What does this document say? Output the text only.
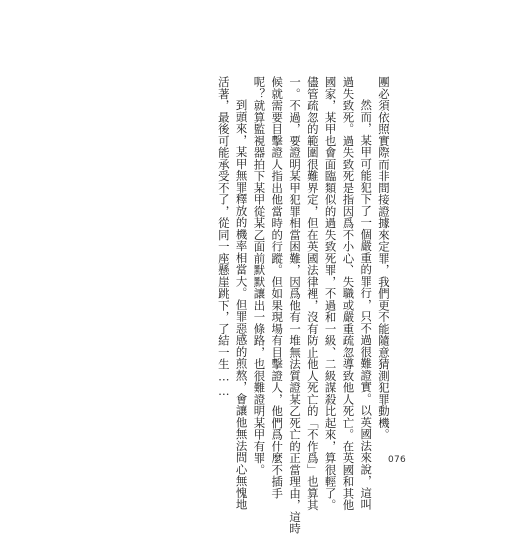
團必須依照實際而非間接證據來定罪，我們更不能隨意猜測犯罪動機。
然而，某甲可能犯下了一個嚴重的罪行，只不過很難證實。以英國法來說，這叫
過失致死。過失致死是指因爲不小心、失職或嚴重疏忽導致他人死亡。在英國和其他
國家，某甲也會面臨類似的過失致死罪，不過和一級、二級謀殺比起來，算很輕了。
儘管疏忽的範圍很難界定，但在英國法律裡，沒有防止他人死亡的「不作爲」也算其
一。不過，要證明某甲犯罪相當困難，因爲他有一堆無法質證某乙死亡的正當理由，這時
候就需要目擊證人指出他當時的行蹤。但如果現場有目擊證人，他們爲什麼不插手
呢？就算監視器拍下某甲從某乙面前默默讓出一條路，也很難證明某甲有罪。
到頭來，某甲無罪釋放的機率相當大。但罪惡感的煎熬，會讓他無法問心無愧地
活著，最後可能承受不了，從同一座懸崖跳下，了結一生……
076
